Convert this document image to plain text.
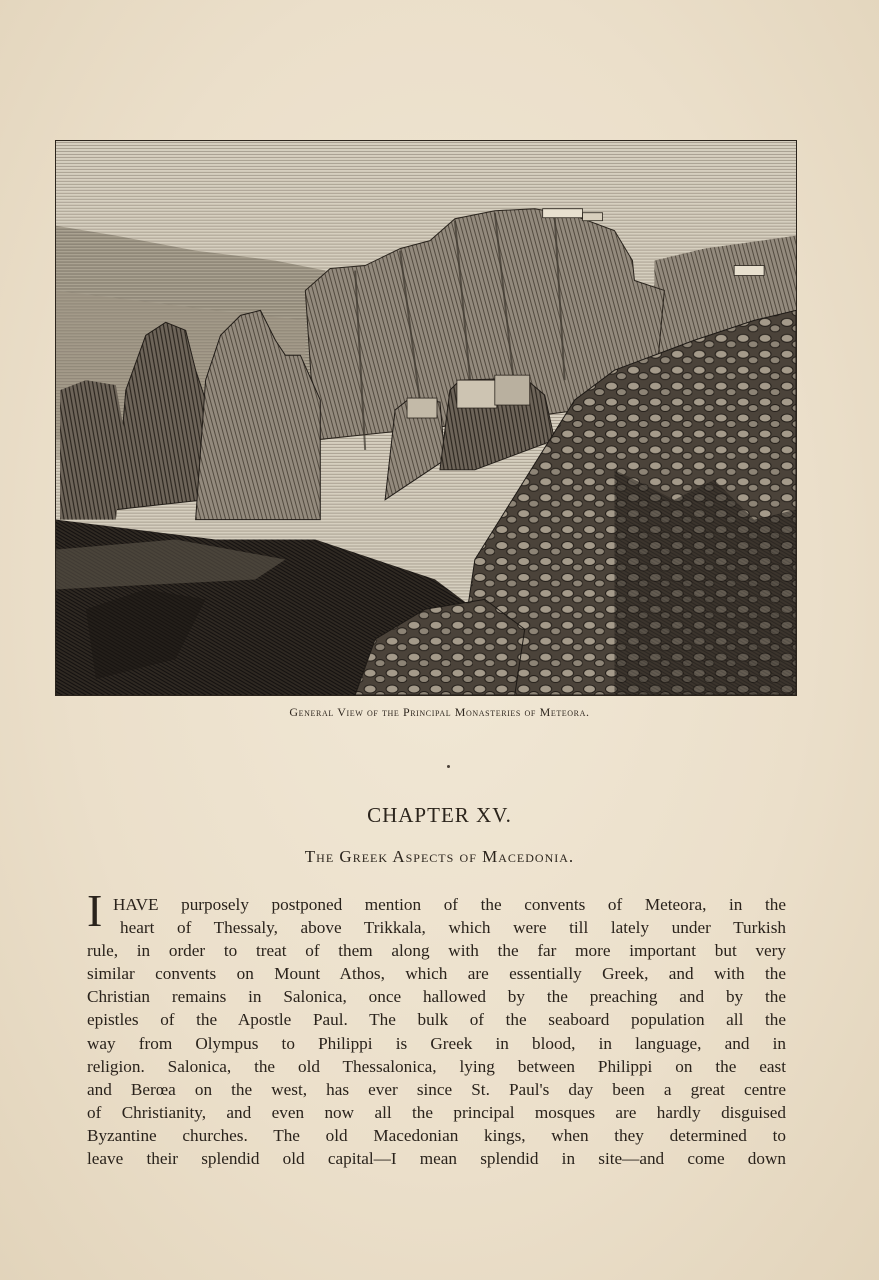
General View of the Principal Monasteries of Meteora.
CHAPTER XV.
The Greek Aspects of Macedonia.
I HAVE purposely postponed mention of the convents of Meteora, in the
heart of Thessaly, above Trikkala, which were till lately under Turkish
rule, in order to treat of them along with the far more important but very
similar convents on Mount Athos, which are essentially Greek, and with the
Christian remains in Salonica, once hallowed by the preaching and by the
epistles of the Apostle Paul. The bulk of the seaboard population all the
way from Olympus to Philippi is Greek in blood, in language, and in
religion. Salonica, the old Thessalonica, lying between Philippi on the east
and Berœa on the west, has ever since St. Paul's day been a great centre
of Christianity, and even now all the principal mosques are hardly disguised
Byzantine churches. The old Macedonian kings, when they determined to
leave their splendid old capital—I mean splendid in site—and come down
